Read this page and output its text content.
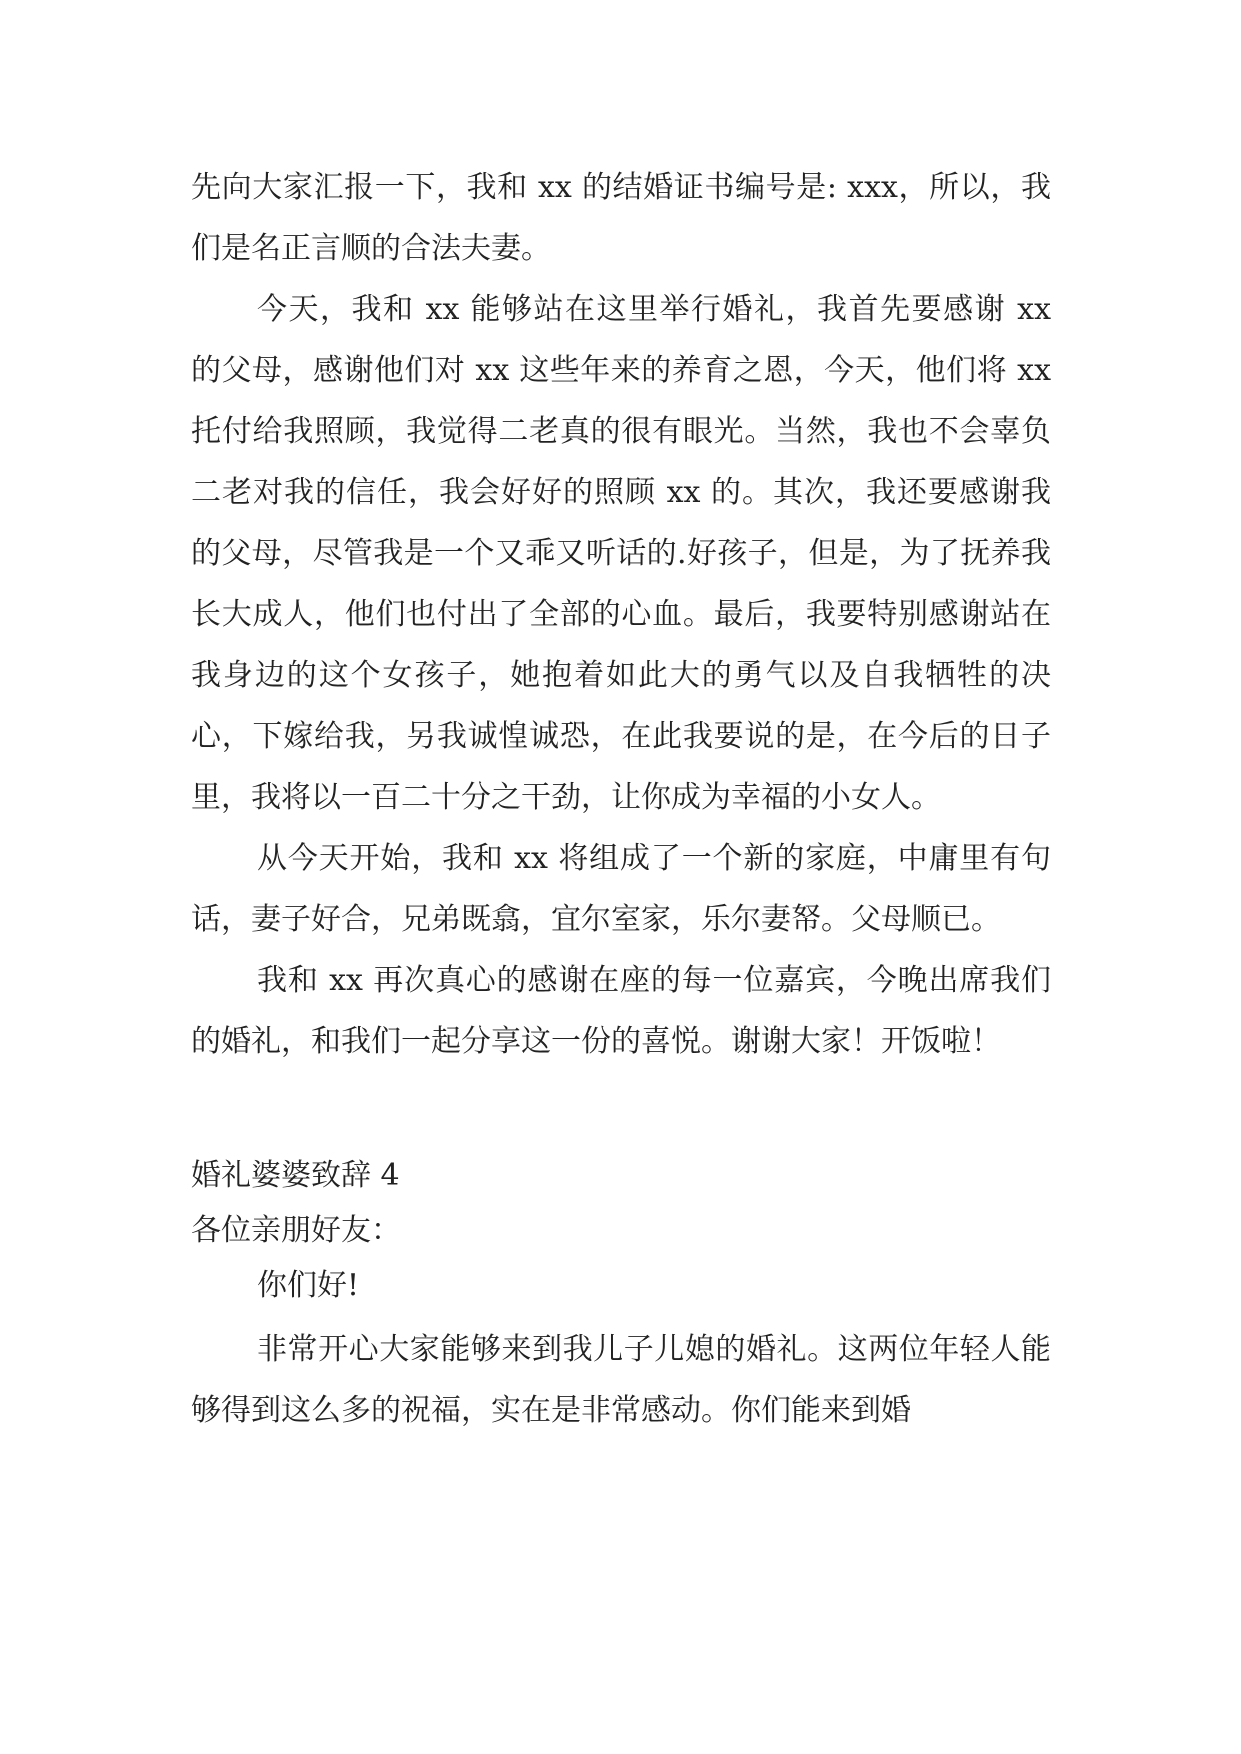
先向大家汇报一下，我和 xx 的结婚证书编号是: xxx，所以，我们是名正言顺的合法夫妻。

今天，我和 xx 能够站在这里举行婚礼，我首先要感谢 xx 的父母，感谢他们对 xx 这些年来的养育之恩，今天，他们将 xx 托付给我照顾，我觉得二老真的很有眼光。当然，我也不会辜负二老对我的信任，我会好好的照顾 xx 的。其次，我还要感谢我的父母，尽管我是一个又乖又听话的.好孩子，但是，为了抚养我长大成人，他们也付出了全部的心血。最后，我要特别感谢站在我身边的这个女孩子，她抱着如此大的勇气以及自我牺牲的决心，下嫁给我，另我诚惶诚恐，在此我要说的是，在今后的日子里，我将以一百二十分之干劲，让你成为幸福的小女人。

从今天开始，我和 xx 将组成了一个新的家庭，中庸里有句话，妻子好合，兄弟既翕，宜尔室家，乐尔妻帑。父母顺已。

我和 xx 再次真心的感谢在座的每一位嘉宾，今晚出席我们的婚礼，和我们一起分享这一份的喜悦。谢谢大家！开饭啦！

婚礼婆婆致辞 4

各位亲朋好友：

你们好!

非常开心大家能够来到我儿子儿媳的婚礼。这两位年轻人能够得到这么多的祝福，实在是非常感动。你们能来到婚
